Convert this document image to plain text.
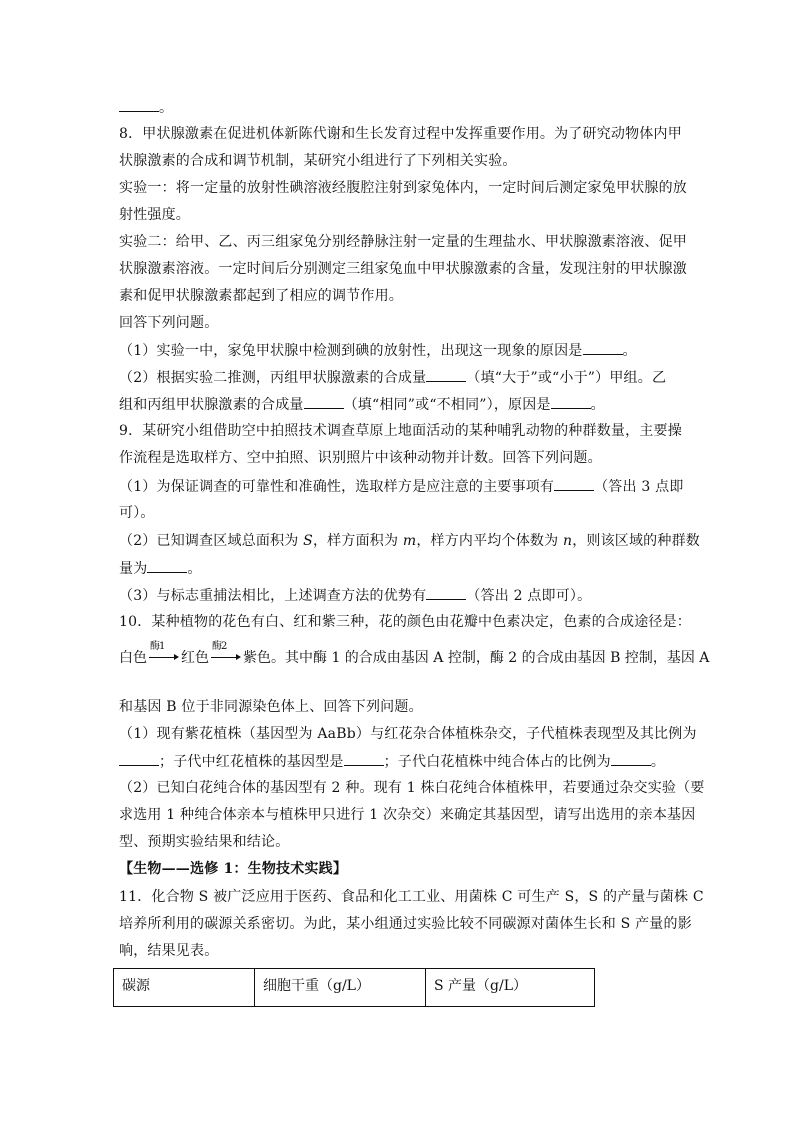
。
8．甲状腺激素在促进机体新陈代谢和生长发育过程中发挥重要作用。为了研究动物体内甲
状腺激素的合成和调节机制，某研究小组进行了下列相关实验。
实验一：将一定量的放射性碘溶液经腹腔注射到家兔体内，一定时间后测定家兔甲状腺的放
射性强度。
实验二：给甲、乙、丙三组家兔分别经静脉注射一定量的生理盐水、甲状腺激素溶液、促甲
状腺激素溶液。一定时间后分别测定三组家兔血中甲状腺激素的含量，发现注射的甲状腺激
素和促甲状腺激素都起到了相应的调节作用。
回答下列问题。
（1）实验一中，家兔甲状腺中检测到碘的放射性，出现这一现象的原因是	。
（2）根据实验二推测，丙组甲状腺激素的合成量	（填“大于”或“小于”）甲组。乙
组和丙组甲状腺激素的合成量	（填“相同”或“不相同”），原因是	。
9．某研究小组借助空中拍照技术调查草原上地面活动的某种哺乳动物的种群数量，主要操
作流程是选取样方、空中拍照、识别照片中该种动物并计数。回答下列问题。
（1）为保证调查的可靠性和准确性，选取样方是应注意的主要事项有	（答出 3 点即
可）。
（2）已知调查区域总面积为 S，样方面积为 m，样方内平均个体数为 n，则该区域的种群数
量为	。
（3）与标志重捕法相比，上述调查方法的优势有	（答出 2 点即可）。
10．某种植物的花色有白、红和紫三种，花的颜色由花瓣中色素决定，色素的合成途径是：
白色
酶1
红色
酶2
紫色。其中酶 1 的合成由基因 A 控制，酶 2 的合成由基因 B 控制，基因 A
和基因 B 位于非同源染色体上、回答下列问题。
（1）现有紫花植株（基因型为 AaBb）与红花杂合体植株杂交，子代植株表现型及其比例为
；子代中红花植株的基因型是	；子代白花植株中纯合体占的比例为	。
（2）已知白花纯合体的基因型有 2 种。现有 1 株白花纯合体植株甲，若要通过杂交实验（要
求选用 1 种纯合体亲本与植株甲只进行 1 次杂交）来确定其基因型，请写出选用的亲本基因
型、预期实验结果和结论。
【生物——选修 1：生物技术实践】
11．化合物 S 被广泛应用于医药、食品和化工工业、用菌株 C 可生产 S，S 的产量与菌株 C
培养所利用的碳源关系密切。为此，某小组通过实验比较不同碳源对菌体生长和 S 产量的影
响，结果见表。
碳源	细胞干重（g/L）	S 产量（g/L）
